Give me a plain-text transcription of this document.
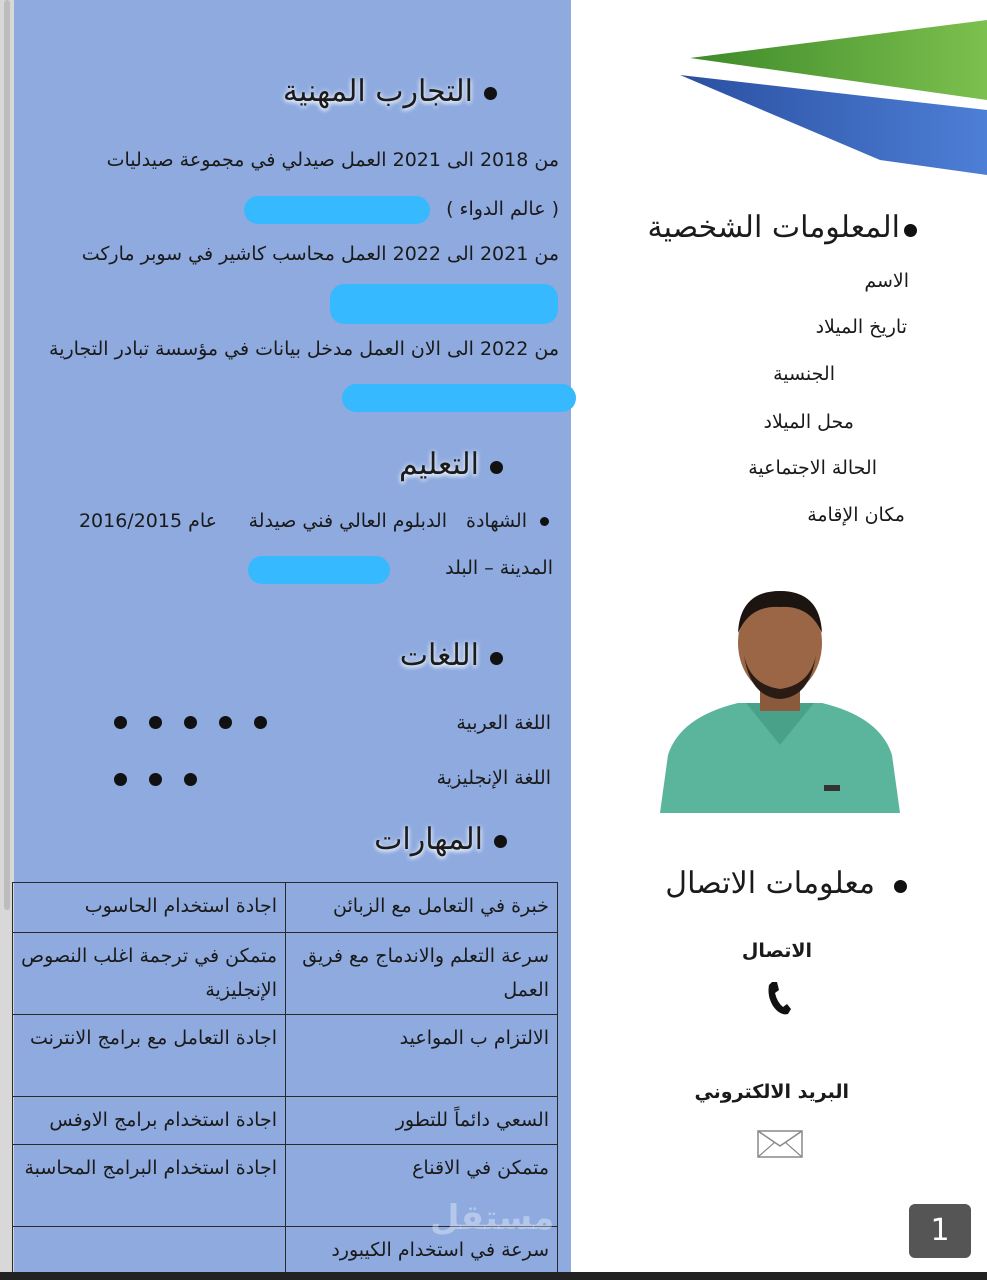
التجارب المهنية
من 2018 الى 2021 العمل صيدلي في مجموعة صيدليات
( عالم الدواء )
من 2021 الى 2022 العمل محاسب كاشير في سوبر ماركت
من 2022 الى الان العمل مدخل بيانات في مؤسسة تبادر التجارية
التعليم
الشهادة
الدبلوم العالي فني صيدلة
عام 2016/2015
المدينة – البلد
اللغات
اللغة العربية
اللغة الإنجليزية
المهارات
خبرة في التعامل مع الزبائن	اجادة استخدام الحاسوب
سرعة التعلم والاندماج مع فريق العمل	متمكن في ترجمة اغلب النصوص الإنجليزية
الالتزام ب المواعيد	اجادة التعامل مع برامج الانترنت
السعي دائماً للتطور	اجادة استخدام برامج الاوفس
متمكن في الاقناع	اجادة استخدام البرامج المحاسبة
سرعة في استخدام الكيبورد	
مستقل
المعلومات الشخصية
الاسم
تاريخ الميلاد
الجنسية
محل الميلاد
الحالة الاجتماعية
مكان الإقامة
معلومات الاتصال
الاتصال
البريد الالكتروني
1
